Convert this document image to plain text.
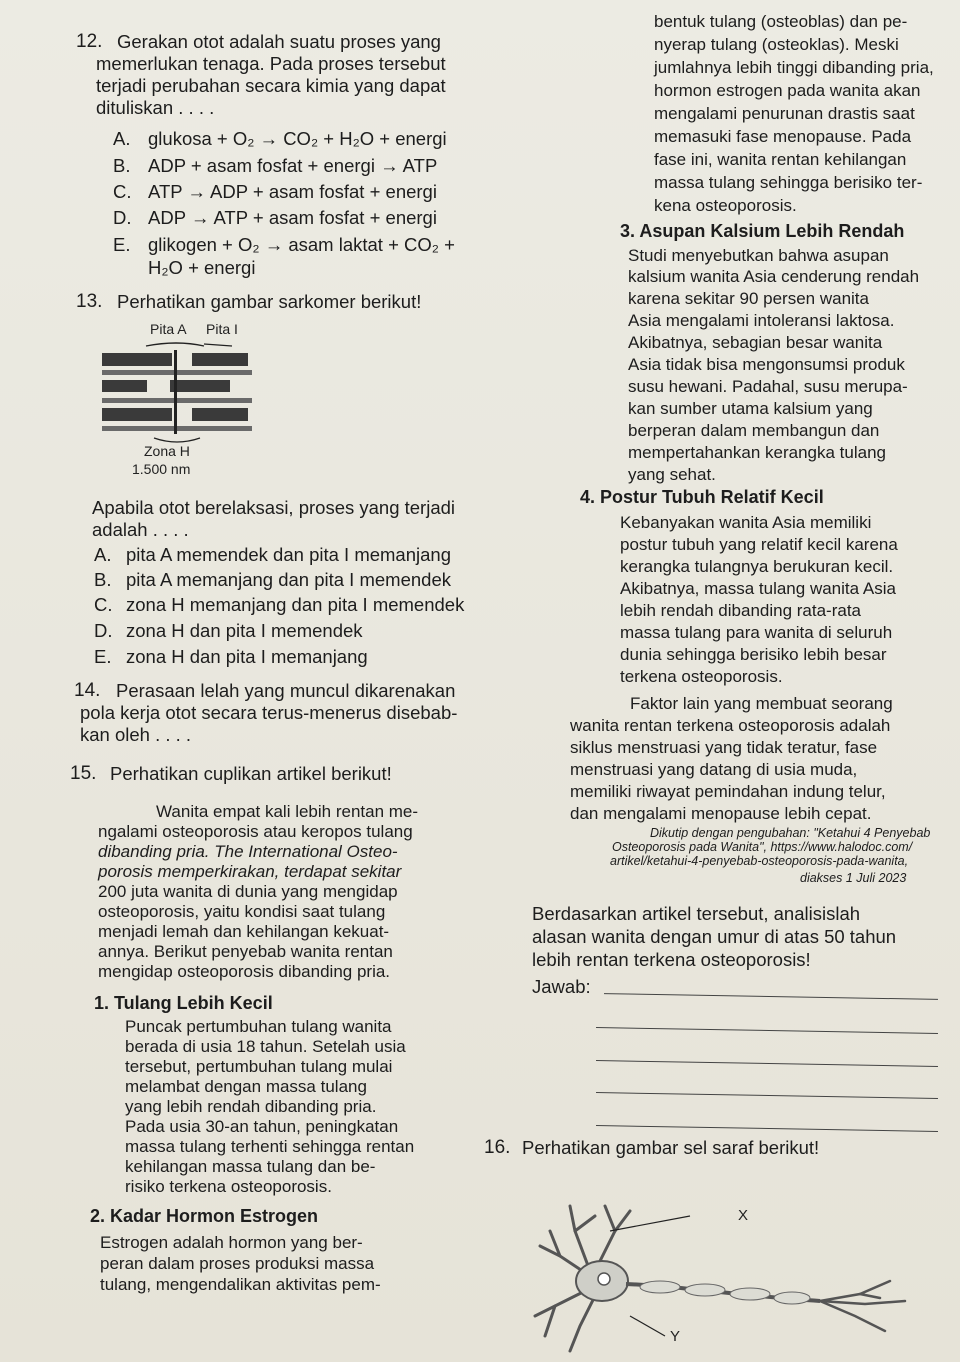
12. Gerakan otot adalah suatu proses yang
memerlukan tenaga. Pada proses tersebut
terjadi perubahan secara kimia yang dapat
dituliskan . . . .
A. glukosa + O₂ → CO₂ + H₂O + energi
B. ADP + asam fosfat + energi → ATP
C. ATP → ADP + asam fosfat + energi
D. ADP → ATP + asam fosfat + energi
E. glikogen + O₂ → asam laktat + CO₂ +
H₂O + energi
13. Perhatikan gambar sarkomer berikut!
Pita A Pita I
Zona H
1.500 nm
Apabila otot berelaksasi, proses yang terjadi
adalah . . . .
A. pita A memendek dan pita I memanjang
B. pita A memanjang dan pita I memendek
C. zona H memanjang dan pita I memendek
D. zona H dan pita I memendek
E. zona H dan pita I memanjang
14. Perasaan lelah yang muncul dikarenakan
pola kerja otot secara terus-menerus disebab-
kan oleh . . . .
15. Perhatikan cuplikan artikel berikut!
Wanita empat kali lebih rentan me-
ngalami osteoporosis atau keropos tulang
dibanding pria. The International Osteo-
porosis memperkirakan, terdapat sekitar
200 juta wanita di dunia yang mengidap
osteoporosis, yaitu kondisi saat tulang
menjadi lemah dan kehilangan kekuat-
annya. Berikut penyebab wanita rentan
mengidap osteoporosis dibanding pria.
1. Tulang Lebih Kecil
Puncak pertumbuhan tulang wanita
berada di usia 18 tahun. Setelah usia
tersebut, pertumbuhan tulang mulai
melambat dengan massa tulang
yang lebih rendah dibanding pria.
Pada usia 30-an tahun, peningkatan
massa tulang terhenti sehingga rentan
kehilangan massa tulang dan be-
risiko terkena osteoporosis.
2. Kadar Hormon Estrogen
Estrogen adalah hormon yang ber-
peran dalam proses produksi massa
tulang, mengendalikan aktivitas pem-
bentuk tulang (osteoblas) dan pe-
nyerap tulang (osteoklas). Meski
jumlahnya lebih tinggi dibanding pria,
hormon estrogen pada wanita akan
mengalami penurunan drastis saat
memasuki fase menopause. Pada
fase ini, wanita rentan kehilangan
massa tulang sehingga berisiko ter-
kena osteoporosis.
3. Asupan Kalsium Lebih Rendah
Studi menyebutkan bahwa asupan
kalsium wanita Asia cenderung rendah
karena sekitar 90 persen wanita
Asia mengalami intoleransi laktosa.
Akibatnya, sebagian besar wanita
Asia tidak bisa mengonsumsi produk
susu hewani. Padahal, susu merupa-
kan sumber utama kalsium yang
berperan dalam membangun dan
mempertahankan kerangka tulang
yang sehat.
4. Postur Tubuh Relatif Kecil
Kebanyakan wanita Asia memiliki
postur tubuh yang relatif kecil karena
kerangka tulangnya berukuran kecil.
Akibatnya, massa tulang wanita Asia
lebih rendah dibanding rata-rata
massa tulang para wanita di seluruh
dunia sehingga berisiko lebih besar
terkena osteoporosis.
Faktor lain yang membuat seorang
wanita rentan terkena osteoporosis adalah
siklus menstruasi yang tidak teratur, fase
menstruasi yang datang di usia muda,
memiliki riwayat pemindahan indung telur,
dan mengalami menopause lebih cepat.
Dikutip dengan pengubahan: "Ketahui 4 Penyebab
Osteoporosis pada Wanita", https://www.halodoc.com/
artikel/ketahui-4-penyebab-osteoporosis-pada-wanita,
diakses 1 Juli 2023
Berdasarkan artikel tersebut, analisislah
alasan wanita dengan umur di atas 50 tahun
lebih rentan terkena osteoporosis!
Jawab:
16. Perhatikan gambar sel saraf berikut!
X
Y
